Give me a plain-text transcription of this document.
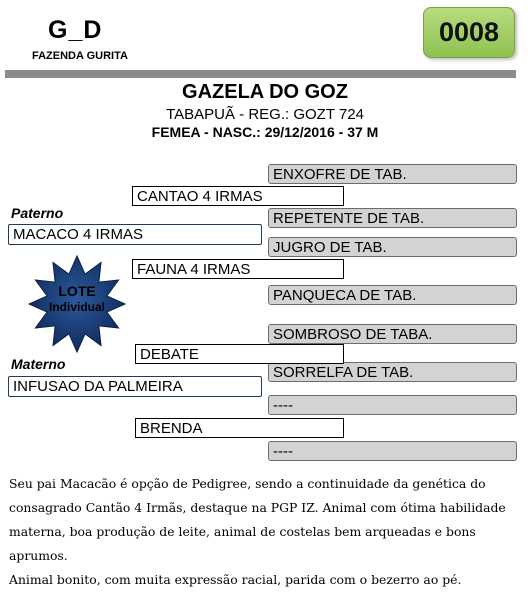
G_D
FAZENDA GURITA
0008
GAZELA DO GOZ
TABAPUÃ - REG.: GOZT 724
FEMEA - NASC.: 29/12/2016 - 37 M
ENXOFRE DE TAB.
REPETENTE DE TAB.
JUGRO DE TAB.
PANQUECA DE TAB.
SOMBROSO DE TABA.
SORRELFA DE TAB.
----
----
CANTAO 4 IRMAS
FAUNA 4 IRMAS
DEBATE
BRENDA
Paterno
MACACO 4 IRMAS
Materno
INFUSAO DA PALMEIRA
LOTE
Individual
Seu pai Macacão é opção de Pedigree, sendo a continuidade da genética do
consagrado Cantão 4 Irmãs, destaque na PGP IZ. Animal com ótima habilidade
materna, boa produção de leite, animal de costelas bem arqueadas e bons aprumos.
Animal bonito, com muita expressão racial, parida com o bezerro ao pé.
